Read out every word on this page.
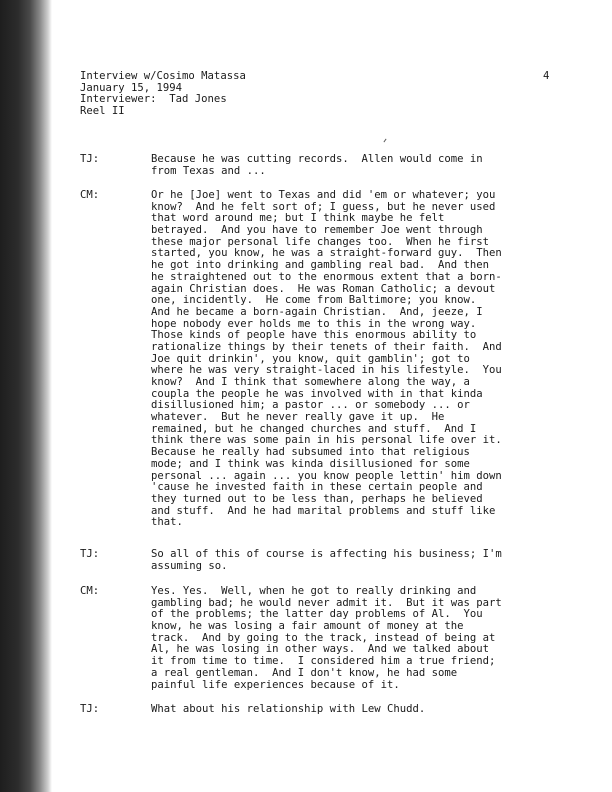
Interview w/Cosimo Matassa
January 15, 1994
Interviewer:  Tad Jones
Reel II
4
TJ:	Because he was cutting records.  Allen would come in
from Texas and ...
CM:	Or he [Joe] went to Texas and did 'em or whatever; you
know?  And he felt sort of; I guess, but he never used
that word around me; but I think maybe he felt
betrayed.  And you have to remember Joe went through
these major personal life changes too.  When he first
started, you know, he was a straight-forward guy.  Then
he got into drinking and gambling real bad.  And then
he straightened out to the enormous extent that a born-
again Christian does.  He was Roman Catholic; a devout
one, incidently.  He come from Baltimore; you know.
And he became a born-again Christian.  And, jeeze, I
hope nobody ever holds me to this in the wrong way.
Those kinds of people have this enormous ability to
rationalize things by their tenets of their faith.  And
Joe quit drinkin', you know, quit gamblin'; got to
where he was very straight-laced in his lifestyle.  You
know?  And I think that somewhere along the way, a
coupla the people he was involved with in that kinda
disillusioned him; a pastor ... or somebody ... or
whatever.  But he never really gave it up.  He
remained, but he changed churches and stuff.  And I
think there was some pain in his personal life over it.
Because he really had subsumed into that religious
mode; and I think was kinda disillusioned for some
personal ... again ... you know people lettin' him down
'cause he invested faith in these certain people and
they turned out to be less than, perhaps he believed
and stuff.  And he had marital problems and stuff like
that.
TJ:	So all of this of course is affecting his business; I'm
assuming so.
CM:	Yes. Yes.  Well, when he got to really drinking and
gambling bad; he would never admit it.  But it was part
of the problems; the latter day problems of Al.  You
know, he was losing a fair amount of money at the
track.  And by going to the track, instead of being at
Al, he was losing in other ways.  And we talked about
it from time to time.  I considered him a true friend;
a real gentleman.  And I don't know, he had some
painful life experiences because of it.
TJ:	What about his relationship with Lew Chudd.
